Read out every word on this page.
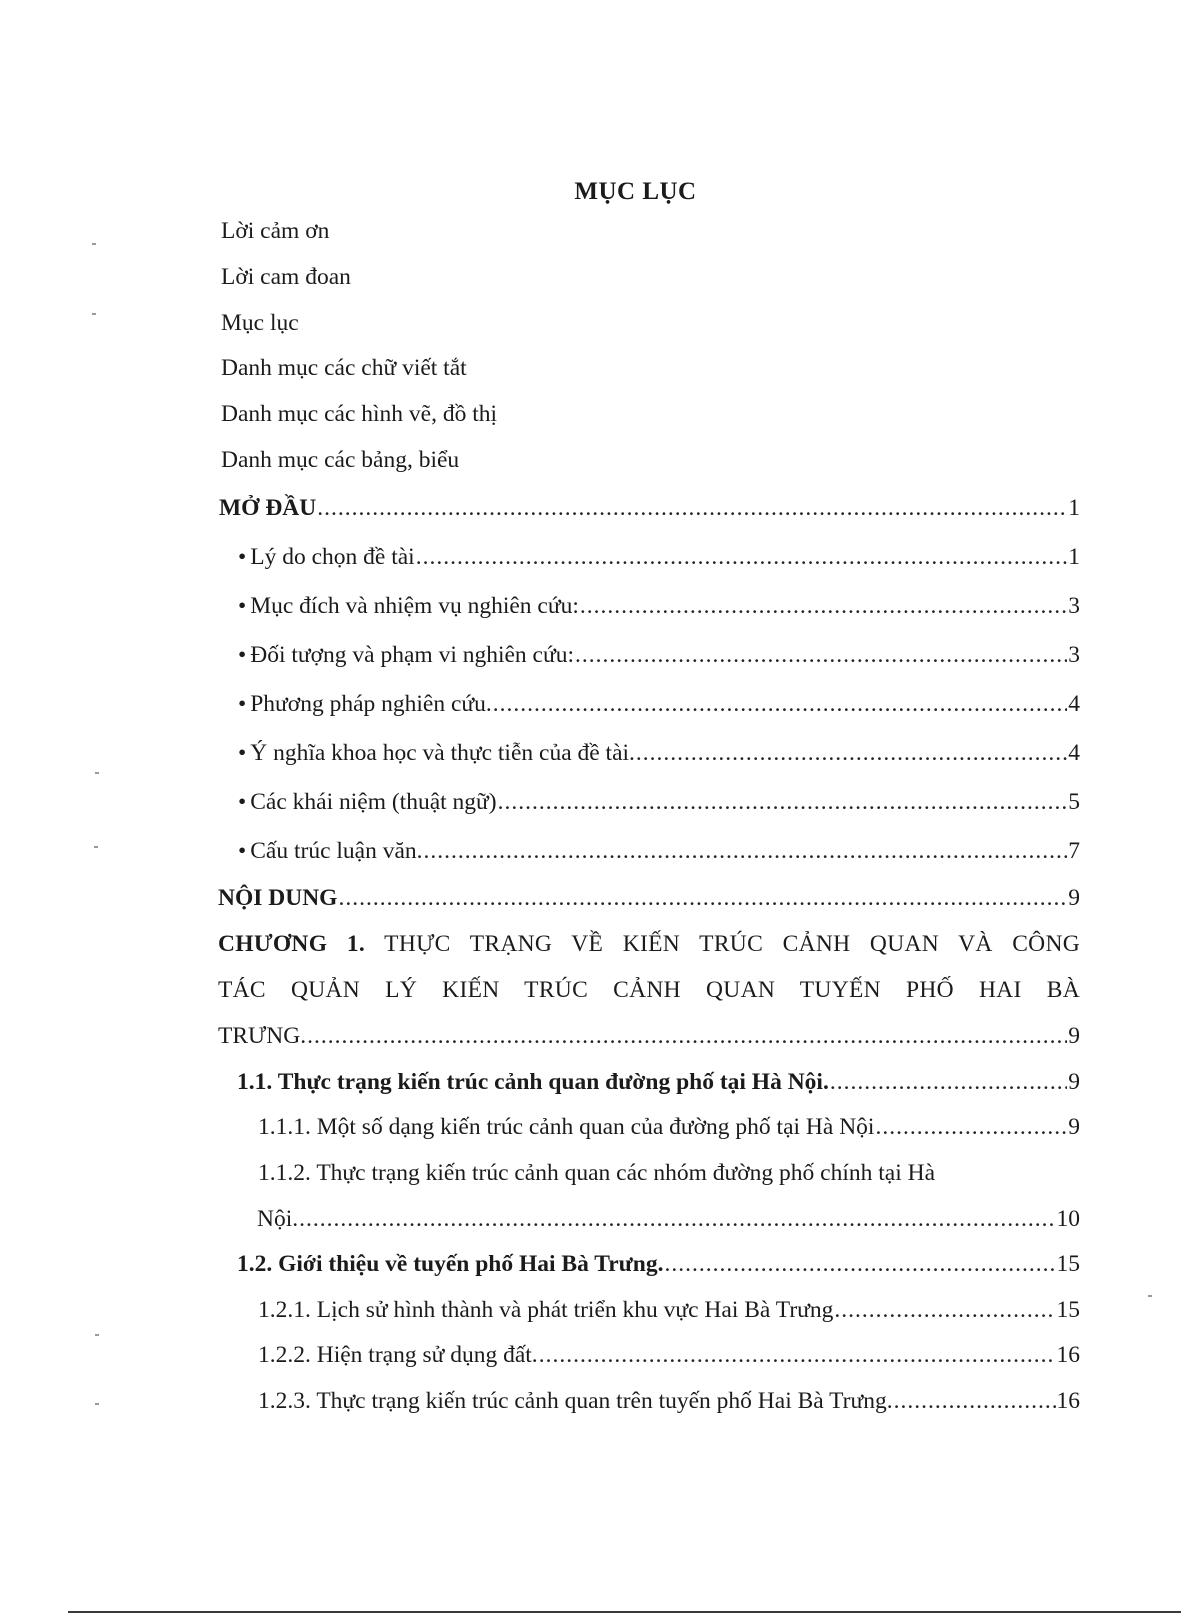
MỤC LỤC
Lời cảm ơn
Lời cam đoan
Mục lục
Danh mục các chữ viết tắt
Danh mục các hình vẽ, đồ thị
Danh mục các bảng, biểu
MỞ ĐẦU .....	1
• Lý do chọn đề tài .....	1
• Mục đích và nhiệm vụ nghiên cứu: .....	3
• Đối tượng và phạm vi nghiên cứu: .....	3
• Phương pháp nghiên cứu. .....	4
• Ý nghĩa khoa học và thực tiễn của đề tài. .....	4
• Các khái niệm (thuật ngữ) .....	5
• Cấu trúc luận văn. .....	7
NỘI DUNG .....	9
CHƯƠNG 1. THỰC TRẠNG VỀ KIẾN TRÚC CẢNH QUAN VÀ CÔNG
TÁC QUẢN LÝ KIẾN TRÚC CẢNH QUAN TUYẾN PHỐ HAI BÀ
TRƯNG. .....	9
1.1. Thực trạng kiến trúc cảnh quan đường phố tại Hà Nội. .....	9
1.1.1. Một số dạng kiến trúc cảnh quan của đường phố tại Hà Nội .....	9
1.1.2. Thực trạng kiến trúc cảnh quan các nhóm đường phố chính tại Hà
Nội. .....	10
1.2. Giới thiệu về tuyến phố Hai Bà Trưng. .....	15
1.2.1. Lịch sử hình thành và phát triển khu vực Hai Bà Trưng .....	15
1.2.2. Hiện trạng sử dụng đất. .....	16
1.2.3. Thực trạng kiến trúc cảnh quan trên tuyến phố Hai Bà Trưng. .....	16
